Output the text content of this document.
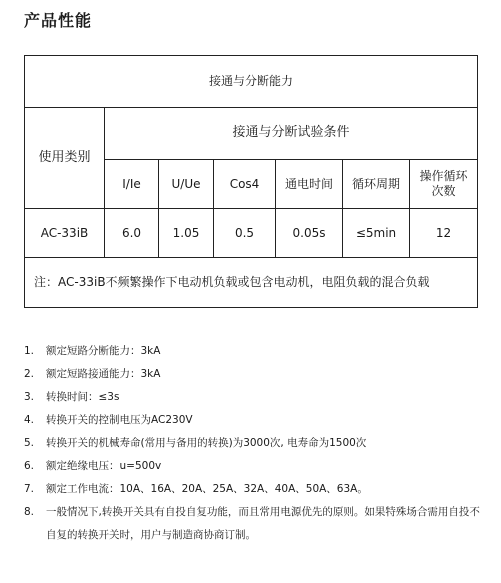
产品性能
接通与分断能力						
使用类别	接通与分断试验条件					
	I/Ie	U/Ue	Cos4	通电时间	循环周期	操作循环次数
AC-33iB	6.0	1.05	0.5	0.05s	≤5min	12

注： AC-33iB不频繁操作下电动机负载或包含电动机，电阻负载的混合负载						
1.	额定短路分断能力：3kA
2.	额定短路接通能力：3kA
3.	转换时间：≤3s
4.	转换开关的控制电压为AC230V
5.	转换开关的机械寿命(常用与备用的转换)为3000次, 电寿命为1500次
6.	额定绝缘电压：u=500v
7.	额定工作电流：10A、16A、20A、25A、32A、40A、50A、63A。
8.	一般情况下,转换开关具有自投自复功能，而且常用电源优先的原则。如果特殊场合需用自投不自复的转换开关时，用户与制造商协商订制。
